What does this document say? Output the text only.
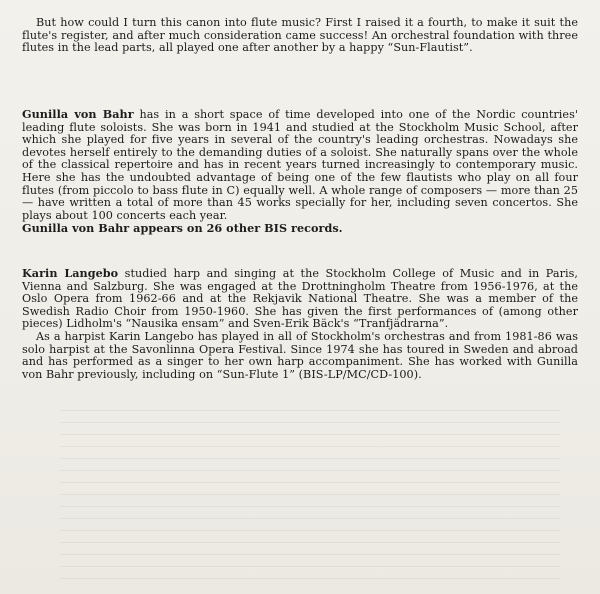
But how could I turn this canon into flute music? First I raised it a fourth, to make it suit the flute's register, and after much consideration came success! An orchestral foundation with three flutes in the lead parts, all played one after another by a happy “Sun-Flautist”.

Gunilla von Bahr has in a short space of time developed into one of the Nordic countries' leading flute soloists. She was born in 1941 and studied at the Stockholm Music School, after which she played for five years in several of the country's leading orchestras. Nowadays she devotes herself entirely to the demanding duties of a soloist. She naturally spans over the whole of the classical repertoire and has in recent years turned increasingly to contemporary music. Here she has the undoubted advantage of being one of the few flautists who play on all four flutes (from piccolo to bass flute in C) equally well. A whole range of composers — more than 25 — have written a total of more than 45 works specially for her, including seven concertos. She plays about 100 concerts each year.

Gunilla von Bahr appears on 26 other BIS records.

Karin Langebo studied harp and singing at the Stockholm College of Music and in Paris, Vienna and Salzburg. She was engaged at the Drottningholm Theatre from 1956-1976, at the Oslo Opera from 1962-66 and at the Rekjavik National Theatre. She was a member of the Swedish Radio Choir from 1950-1960. She has given the first performances of (among other pieces) Lidholm's “Nausika ensam” and Sven-Erik Bäck's “Tranfjädrarna”.

As a harpist Karin Langebo has played in all of Stockholm's orchestras and from 1981-86 was solo harpist at the Savonlinna Opera Festival. Since 1974 she has toured in Sweden and abroad and has performed as a singer to her own harp accompaniment. She has worked with Gunilla von Bahr previously, including on “Sun-Flute 1” (BIS-LP/MC/CD-100).
